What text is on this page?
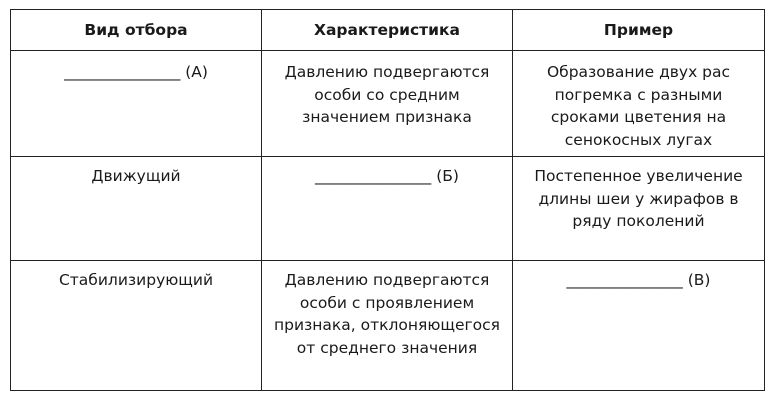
Вид отбора	Характеристика	Пример

_______________ (А)	Давлению подвергаются особи со средним значением признака	Образование двух рас погремка с разными сроками цветения на сенокосных лугах

Движущий	_______________ (Б)	Постепенное увеличение длины шеи у жирафов в ряду поколений

Стабилизирующий	Давлению подвергаются особи с проявлением признака, отклоняющегося от среднего значения	_______________ (В)
